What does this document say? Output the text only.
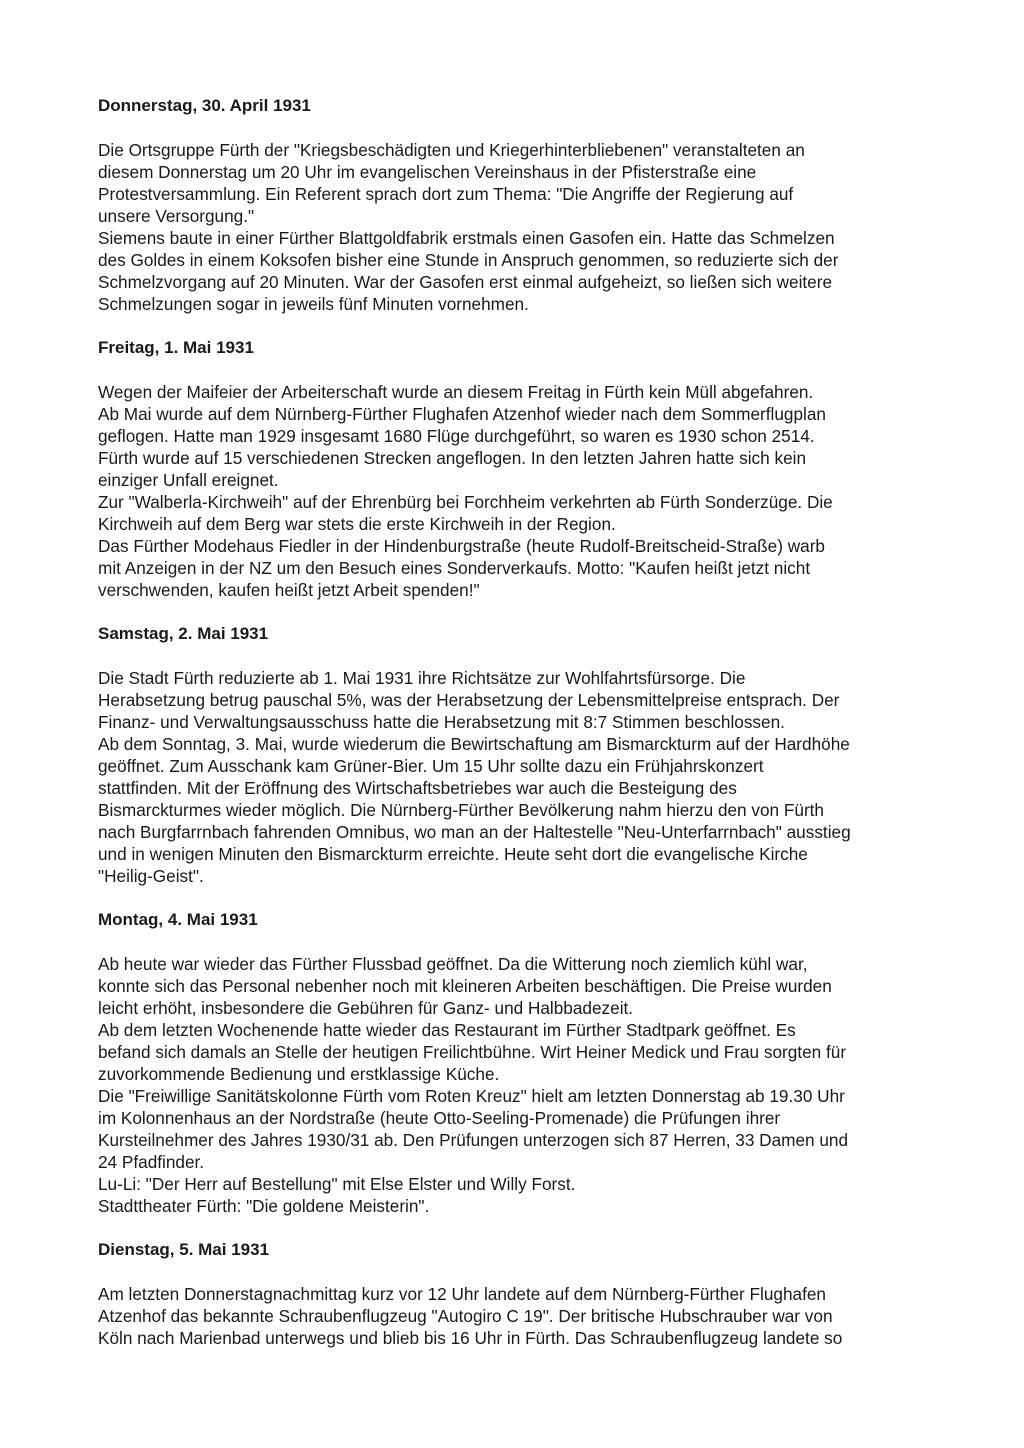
Donnerstag, 30. April 1931

Die Ortsgruppe Fürth der "Kriegsbeschädigten und Kriegerhinterbliebenen" veranstalteten an
diesem Donnerstag um 20 Uhr im evangelischen Vereinshaus in der Pfisterstraße eine
Protestversammlung. Ein Referent sprach dort zum Thema: "Die Angriffe der Regierung auf
unsere Versorgung."

Siemens baute in einer Fürther Blattgoldfabrik erstmals einen Gasofen ein. Hatte das Schmelzen
des Goldes in einem Koksofen bisher eine Stunde in Anspruch genommen, so reduzierte sich der
Schmelzvorgang auf 20 Minuten. War der Gasofen erst einmal aufgeheizt, so ließen sich weitere
Schmelzungen sogar in jeweils fünf Minuten vornehmen.

Freitag, 1. Mai 1931

Wegen der Maifeier der Arbeiterschaft wurde an diesem Freitag in Fürth kein Müll abgefahren.

Ab Mai wurde auf dem Nürnberg-Fürther Flughafen Atzenhof wieder nach dem Sommerflugplan
geflogen. Hatte man 1929 insgesamt 1680 Flüge durchgeführt, so waren es 1930 schon 2514.
Fürth wurde auf 15 verschiedenen Strecken angeflogen. In den letzten Jahren hatte sich kein
einziger Unfall ereignet.

Zur "Walberla-Kirchweih" auf der Ehrenbürg bei Forchheim verkehrten ab Fürth Sonderzüge. Die
Kirchweih auf dem Berg war stets die erste Kirchweih in der Region.

Das Fürther Modehaus Fiedler in der Hindenburgstraße (heute Rudolf-Breitscheid-Straße) warb
mit Anzeigen in der NZ um den Besuch eines Sonderverkaufs. Motto: "Kaufen heißt jetzt nicht
verschwenden, kaufen heißt jetzt Arbeit spenden!"

Samstag, 2. Mai 1931

Die Stadt Fürth reduzierte ab 1. Mai 1931 ihre Richtsätze zur Wohlfahrtsfürsorge. Die
Herabsetzung betrug pauschal 5%, was der Herabsetzung der Lebensmittelpreise entsprach. Der
Finanz- und Verwaltungsausschuss hatte die Herabsetzung mit 8:7 Stimmen beschlossen.

Ab dem Sonntag, 3. Mai, wurde wiederum die Bewirtschaftung am Bismarckturm auf der Hardhöhe
geöffnet. Zum Ausschank kam Grüner-Bier. Um 15 Uhr sollte dazu ein Frühjahrskonzert
stattfinden. Mit der Eröffnung des Wirtschaftsbetriebes war auch die Besteigung des
Bismarckturmes wieder möglich. Die Nürnberg-Fürther Bevölkerung nahm hierzu den von Fürth
nach Burgfarrnbach fahrenden Omnibus, wo man an der Haltestelle "Neu-Unterfarrnbach" ausstieg
und in wenigen Minuten den Bismarckturm erreichte. Heute seht dort die evangelische Kirche
"Heilig-Geist".

Montag, 4. Mai 1931

Ab heute war wieder das Fürther Flussbad geöffnet. Da die Witterung noch ziemlich kühl war,
konnte sich das Personal nebenher noch mit kleineren Arbeiten beschäftigen. Die Preise wurden
leicht erhöht, insbesondere die Gebühren für Ganz- und Halbbadezeit.

Ab dem letzten Wochenende hatte wieder das Restaurant im Fürther Stadtpark geöffnet. Es
befand sich damals an Stelle der heutigen Freilichtbühne. Wirt Heiner Medick und Frau sorgten für
zuvorkommende Bedienung und erstklassige Küche.

Die "Freiwillige Sanitätskolonne Fürth vom Roten Kreuz" hielt am letzten Donnerstag ab 19.30 Uhr
im Kolonnenhaus an der Nordstraße (heute Otto-Seeling-Promenade) die Prüfungen ihrer
Kursteilnehmer des Jahres 1930/31 ab. Den Prüfungen unterzogen sich 87 Herren, 33 Damen und
24 Pfadfinder.

Lu-Li: "Der Herr auf Bestellung" mit Else Elster und Willy Forst.

Stadttheater Fürth: "Die goldene Meisterin".

Dienstag, 5. Mai 1931

Am letzten Donnerstagnachmittag kurz vor 12 Uhr landete auf dem Nürnberg-Fürther Flughafen
Atzenhof das bekannte Schraubenflugzeug "Autogiro C 19". Der britische Hubschrauber war von
Köln nach Marienbad unterwegs und blieb bis 16 Uhr in Fürth. Das Schraubenflugzeug landete so
